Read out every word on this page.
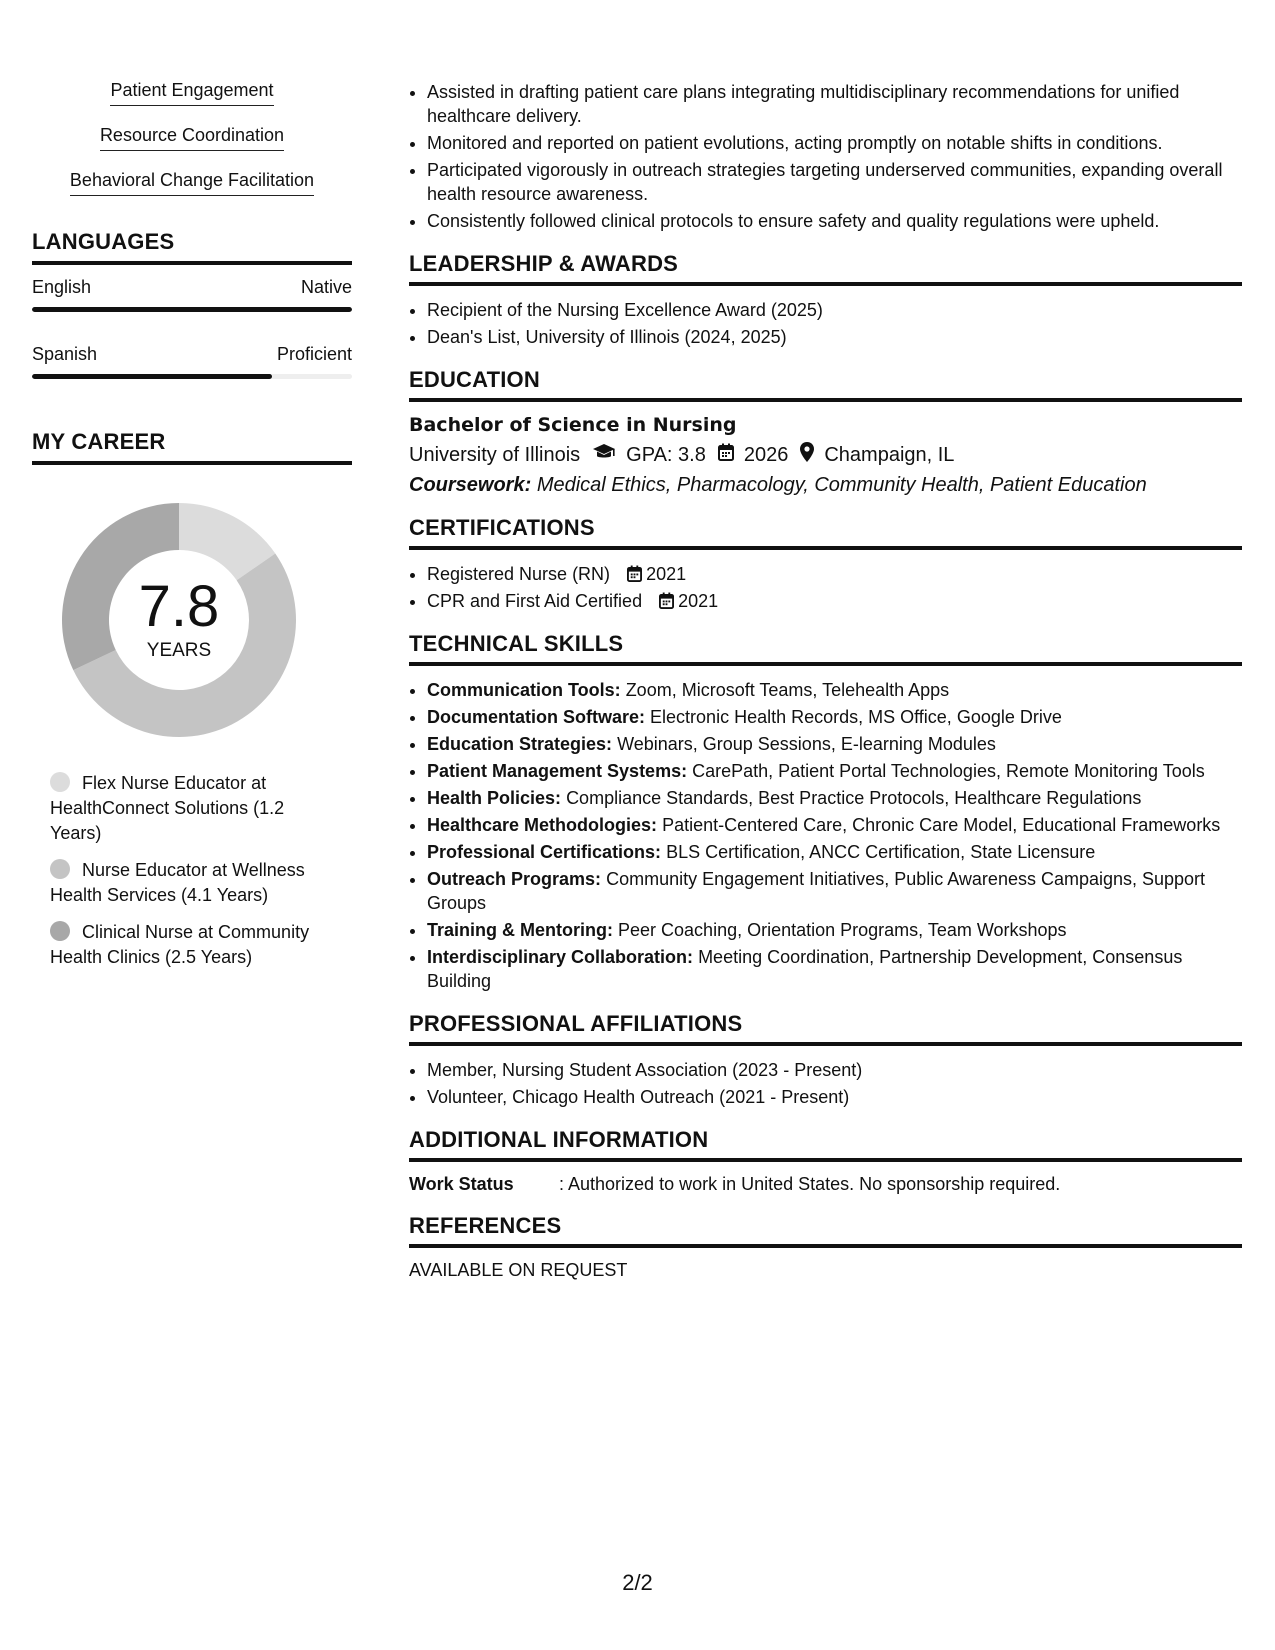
Patient Engagement
Resource Coordination
Behavioral Change Facilitation
LANGUAGES
English	Native
Spanish	Proficient
MY CAREER
7.8
YEARS
Flex Nurse Educator at HealthConnect Solutions (1.2 Years)
Nurse Educator at Wellness Health Services (4.1 Years)
Clinical Nurse at Community Health Clinics (2.5 Years)
• Assisted in drafting patient care plans integrating multidisciplinary recommendations for unified healthcare delivery.
• Monitored and reported on patient evolutions, acting promptly on notable shifts in conditions.
• Participated vigorously in outreach strategies targeting underserved communities, expanding overall health resource awareness.
• Consistently followed clinical protocols to ensure safety and quality regulations were upheld.
LEADERSHIP & AWARDS
• Recipient of the Nursing Excellence Award (2025)
• Dean's List, University of Illinois (2024, 2025)
EDUCATION
Bachelor of Science in Nursing
University of Illinois GPA: 3.8 2026 Champaign, IL
Coursework: Medical Ethics, Pharmacology, Community Health, Patient Education
CERTIFICATIONS
• Registered Nurse (RN) 2021
• CPR and First Aid Certified 2021
TECHNICAL SKILLS
• Communication Tools: Zoom, Microsoft Teams, Telehealth Apps
• Documentation Software: Electronic Health Records, MS Office, Google Drive
• Education Strategies: Webinars, Group Sessions, E-learning Modules
• Patient Management Systems: CarePath, Patient Portal Technologies, Remote Monitoring Tools
• Health Policies: Compliance Standards, Best Practice Protocols, Healthcare Regulations
• Healthcare Methodologies: Patient-Centered Care, Chronic Care Model, Educational Frameworks
• Professional Certifications: BLS Certification, ANCC Certification, State Licensure
• Outreach Programs: Community Engagement Initiatives, Public Awareness Campaigns, Support Groups
• Training & Mentoring: Peer Coaching, Orientation Programs, Team Workshops
• Interdisciplinary Collaboration: Meeting Coordination, Partnership Development, Consensus Building
PROFESSIONAL AFFILIATIONS
• Member, Nursing Student Association (2023 - Present)
• Volunteer, Chicago Health Outreach (2021 - Present)
ADDITIONAL INFORMATION
Work Status	: Authorized to work in United States. No sponsorship required.
REFERENCES
AVAILABLE ON REQUEST
2/2
